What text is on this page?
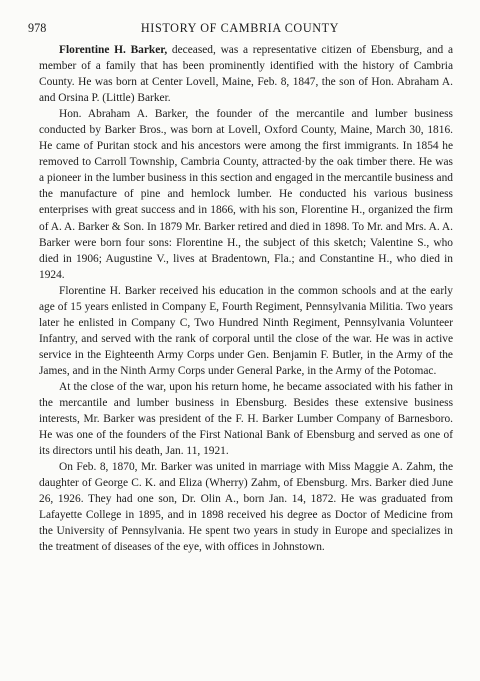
978	HISTORY OF CAMBRIA COUNTY

Florentine H. Barker, deceased, was a representative citizen of Ebensburg, and a member of a family that has been prominently identified with the history of Cambria County. He was born at Center Lovell, Maine, Feb. 8, 1847, the son of Hon. Abraham A. and Orsina P. (Little) Barker.

Hon. Abraham A. Barker, the founder of the mercantile and lumber business conducted by Barker Bros., was born at Lovell, Oxford County, Maine, March 30, 1816. He came of Puritan stock and his ancestors were among the first immigrants. In 1854 he removed to Carroll Township, Cambria County, attracted·by the oak timber there. He was a pioneer in the lumber business in this section and engaged in the mercantile business and the manufacture of pine and hemlock lumber. He conducted his various business enterprises with great success and in 1866, with his son, Florentine H., organized the firm of A. A. Barker & Son. In 1879 Mr. Barker retired and died in 1898. To Mr. and Mrs. A. A. Barker were born four sons: Florentine H., the subject of this sketch; Valentine S., who died in 1906; Augustine V., lives at Bradentown, Fla.; and Constantine H., who died in 1924.

Florentine H. Barker received his education in the common schools and at the early age of 15 years enlisted in Company E, Fourth Regiment, Pennsylvania Militia. Two years later he enlisted in Company C, Two Hundred Ninth Regiment, Pennsylvania Volunteer Infantry, and served with the rank of corporal until the close of the war. He was in active service in the Eighteenth Army Corps under Gen. Benjamin F. Butler, in the Army of the James, and in the Ninth Army Corps under General Parke, in the Army of the Potomac.

At the close of the war, upon his return home, he became associated with his father in the mercantile and lumber business in Ebensburg. Besides these extensive business interests, Mr. Barker was president of the F. H. Barker Lumber Company of Barnesboro. He was one of the founders of the First National Bank of Ebensburg and served as one of its directors until his death, Jan. 11, 1921.

On Feb. 8, 1870, Mr. Barker was united in marriage with Miss Maggie A. Zahm, the daughter of George C. K. and Eliza (Wherry) Zahm, of Ebensburg. Mrs. Barker died June 26, 1926. They had one son, Dr. Olin A., born Jan. 14, 1872. He was graduated from Lafayette College in 1895, and in 1898 received his degree as Doctor of Medicine from the University of Pennsylvania. He spent two years in study in Europe and specializes in the treatment of diseases of the eye, with offices in Johnstown.
